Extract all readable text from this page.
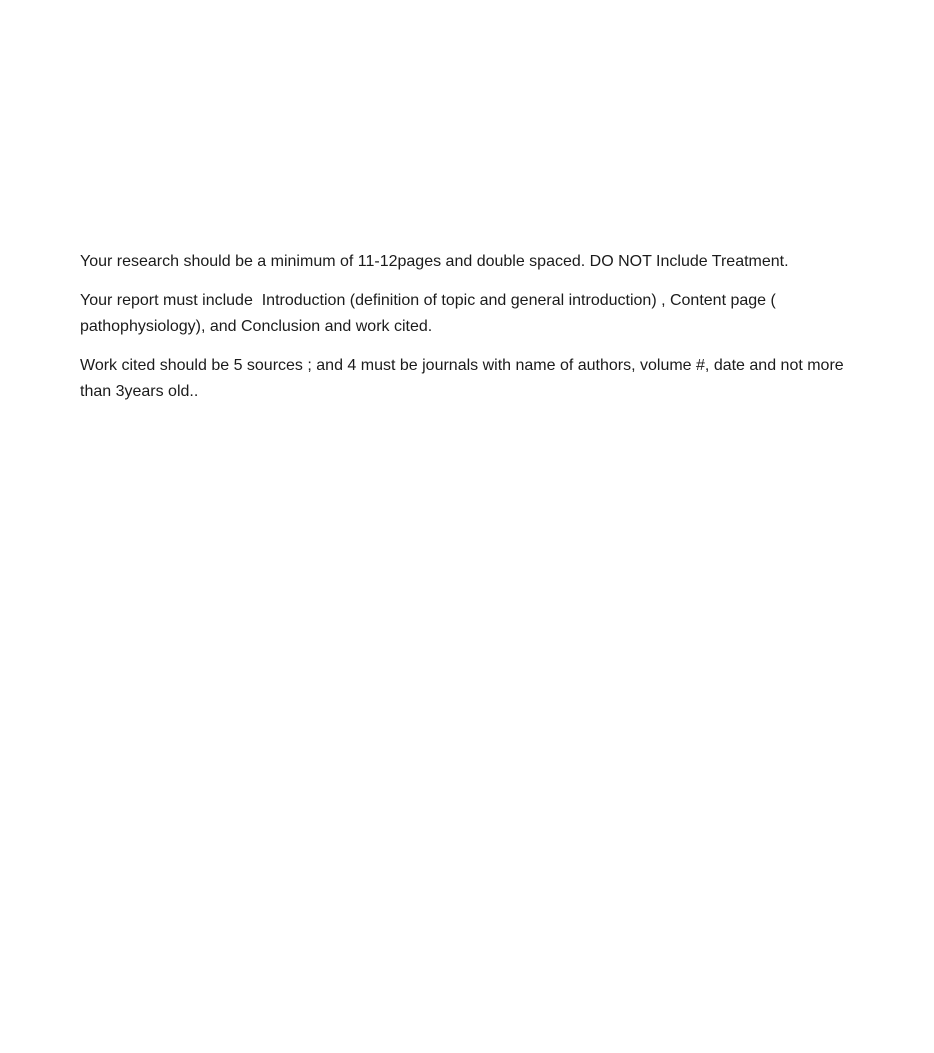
Your research should be a minimum of 11-12pages and double spaced. DO NOT Include Treatment.

Your report must include  Introduction (definition of topic and general introduction) , Content page ( pathophysiology), and Conclusion and work cited.

Work cited should be 5 sources ; and 4 must be journals with name of authors, volume #, date and not more than 3years old..
